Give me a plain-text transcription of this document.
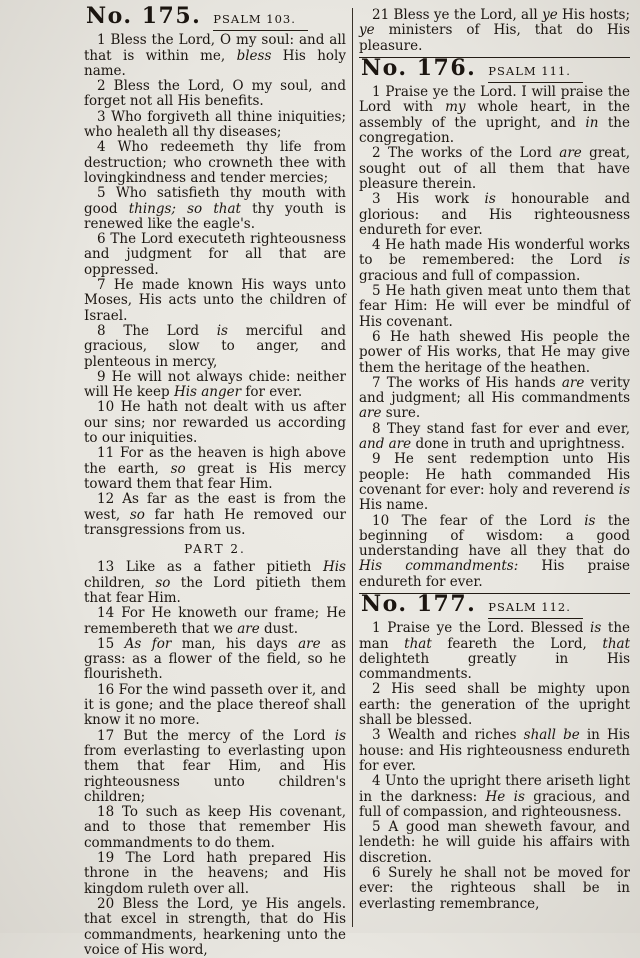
No. 175. PSALM 103.

1 Bless the Lord, O my soul: and all that is within me, bless His holy name.

2 Bless the Lord, O my soul, and forget not all His benefits.

3 Who forgiveth all thine iniquities; who healeth all thy diseases;

4 Who redeemeth thy life from destruction; who crowneth thee with lovingkindness and tender mercies;

5 Who satisfieth thy mouth with good things; so that thy youth is renewed like the eagle's.

6 The Lord executeth righteousness and judgment for all that are oppressed.

7 He made known His ways unto Moses, His acts unto the children of Israel.

8 The Lord is merciful and gracious, slow to anger, and plenteous in mercy,

9 He will not always chide: neither will He keep His anger for ever.

10 He hath not dealt with us after our sins; nor rewarded us according to our iniquities.

11 For as the heaven is high above the earth, so great is His mercy toward them that fear Him.

12 As far as the east is from the west, so far hath He removed our transgressions from us.

PART 2.

13 Like as a father pitieth His children, so the Lord pitieth them that fear Him.

14 For He knoweth our frame; He remembereth that we are dust.

15 As for man, his days are as grass: as a flower of the field, so he flourisheth.

16 For the wind passeth over it, and it is gone; and the place thereof shall know it no more.

17 But the mercy of the Lord is from everlasting to everlasting upon them that fear Him, and His righteousness unto children's children;

18 To such as keep His covenant, and to those that remember His commandments to do them.

19 The Lord hath prepared His throne in the heavens; and His kingdom ruleth over all.

20 Bless the Lord, ye His angels. that excel in strength, that do His commandments, hearkening unto the voice of His word,

21 Bless ye the Lord, all ye His hosts; ye ministers of His, that do His pleasure.

No. 176. PSALM 111.

1 Praise ye the Lord. I will praise the Lord with my whole heart, in the assembly of the upright, and in the congregation.

2 The works of the Lord are great, sought out of all them that have pleasure therein.

3 His work is honourable and glorious: and His righteousness endureth for ever.

4 He hath made His wonderful works to be remembered: the Lord is gracious and full of compassion.

5 He hath given meat unto them that fear Him: He will ever be mindful of His covenant.

6 He hath shewed His people the power of His works, that He may give them the heritage of the heathen.

7 The works of His hands are verity and judgment; all His commandments are sure.

8 They stand fast for ever and ever, and are done in truth and uprightness.

9 He sent redemption unto His people: He hath commanded His covenant for ever: holy and reverend is His name.

10 The fear of the Lord is the beginning of wisdom: a good understanding have all they that do His commandments: His praise endureth for ever.

No. 177. PSALM 112.

1 Praise ye the Lord. Blessed is the man that feareth the Lord, that delighteth greatly in His commandments.

2 His seed shall be mighty upon earth: the generation of the upright shall be blessed.

3 Wealth and riches shall be in His house: and His righteousness endureth for ever.

4 Unto the upright there ariseth light in the darkness: He is gracious, and full of compassion, and righteousness.

5 A good man sheweth favour, and lendeth: he will guide his affairs with discretion.

6 Surely he shall not be moved for ever: the righteous shall be in everlasting remembrance,
